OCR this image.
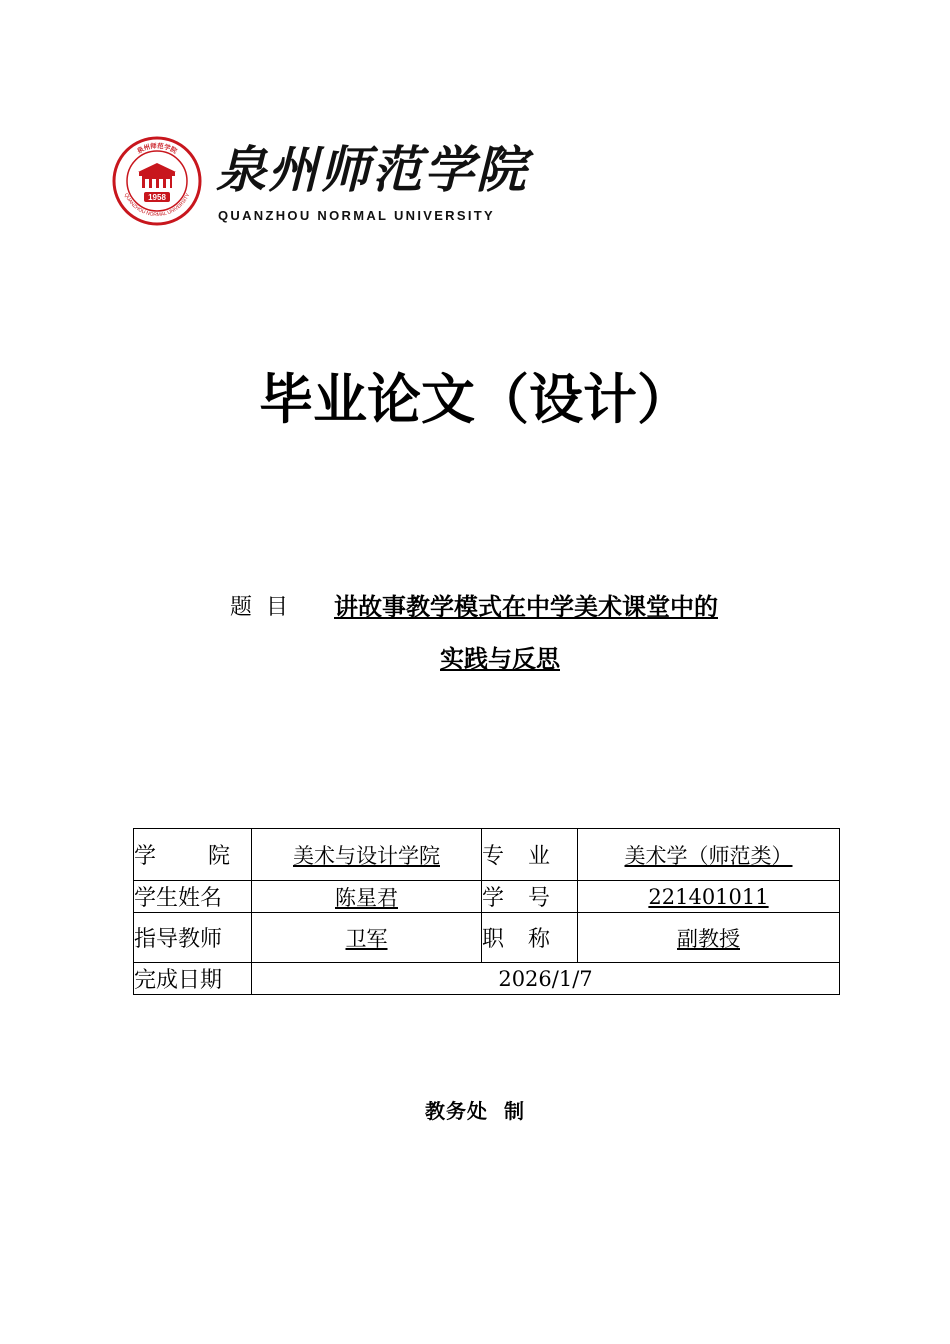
泉州师范学院
QUANZHOU NORMAL UNIVERSITY
1958 泉州师范学院
QUANZHOU NORMAL UNIVERSITY
毕业论文（设计）
题目 讲故事教学模式在中学美术课堂中的
实践与反思
学院	美术与设计学院	专业	美术学（师范类）
学生姓名	陈星君	学号	221401011
指导教师	卫军	职称	副教授
完成日期	2026/1/7		
教务处  制
